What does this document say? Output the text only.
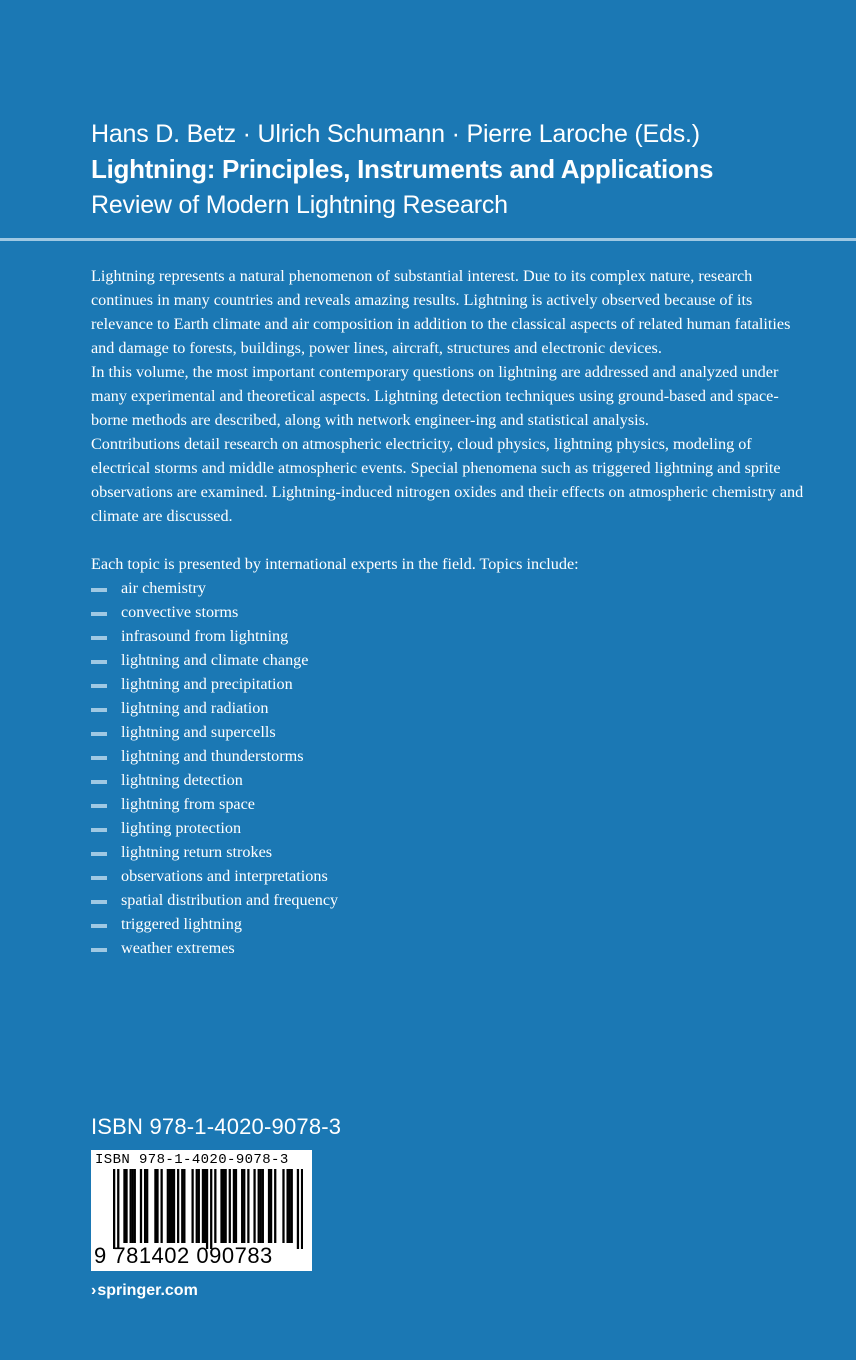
Hans D. Betz · Ulrich Schumann · Pierre Laroche (Eds.)
Lightning: Principles, Instruments and Applications
Review of Modern Lightning Research

Lightning represents a natural phenomenon of substantial interest. Due to its complex nature, research continues in many countries and reveals amazing results. Lightning is actively observed because of its relevance to Earth climate and air composition in addition to the classical aspects of related human fatalities and damage to forests, buildings, power lines, aircraft, structures and electronic devices.

In this volume, the most important contemporary questions on lightning are addressed and analyzed under many experimental and theoretical aspects. Lightning detection techniques using ground-based and space-borne methods are described, along with network engineer-ing and statistical analysis.

Contributions detail research on atmospheric electricity, cloud physics, lightning physics, modeling of electrical storms and middle atmospheric events. Special phenomena such as triggered lightning and sprite observations are examined. Lightning-induced nitrogen oxides and their effects on atmospheric chemistry and climate are discussed.

Each topic is presented by international experts in the field. Topics include:

air chemistry
convective storms
infrasound from lightning
lightning and climate change
lightning and precipitation
lightning and radiation
lightning and supercells
lightning and thunderstorms
lightning detection
lightning from space
lighting protection
lightning return strokes
observations and interpretations
spatial distribution and frequency
triggered lightning
weather extremes
ISBN 978-1-4020-9078-3
ISBN 978-1-4020-9078-3
9 781402 090783
›springer.com
